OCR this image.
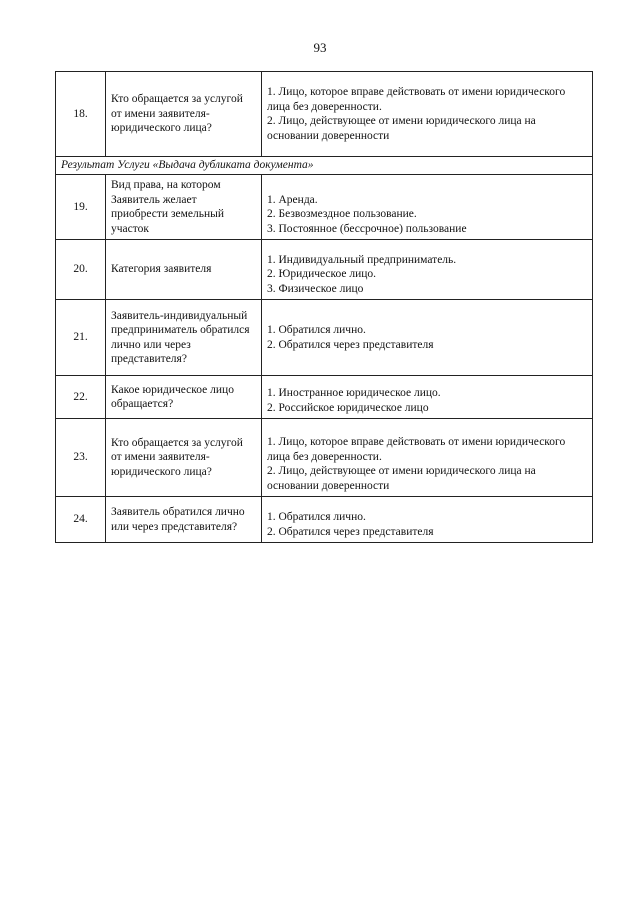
93
18.	Кто обращается за услугой от имени заявителя-юридического лица?	1. Лицо, которое вправе действовать от имени юридического лица без доверенности.
2. Лицо, действующее от имени юридического лица на основании доверенности

Результат Услуги «Выдача дубликата документа»		
19.	Вид права, на котором Заявитель желает приобрести земельный участок	1. Аренда.
2. Безвозмездное пользование.
3. Постоянное (бессрочное) пользование

20.	Категория заявителя	1. Индивидуальный предприниматель.
2. Юридическое лицо.
3. Физическое лицо

21.	Заявитель-индивидуальный предприниматель обратился лично или через представителя?	1. Обратился лично.
2. Обратился через представителя

22.	Какое юридическое лицо обращается?	1. Иностранное юридическое лицо.
2. Российское юридическое лицо

23.	Кто обращается за услугой от имени заявителя-юридического лица?	1. Лицо, которое вправе действовать от имени юридического лица без доверенности.
2. Лицо, действующее от имени юридического лица на основании доверенности

24.	Заявитель обратился лично или через представителя?	1. Обратился лично.
2. Обратился через представителя
